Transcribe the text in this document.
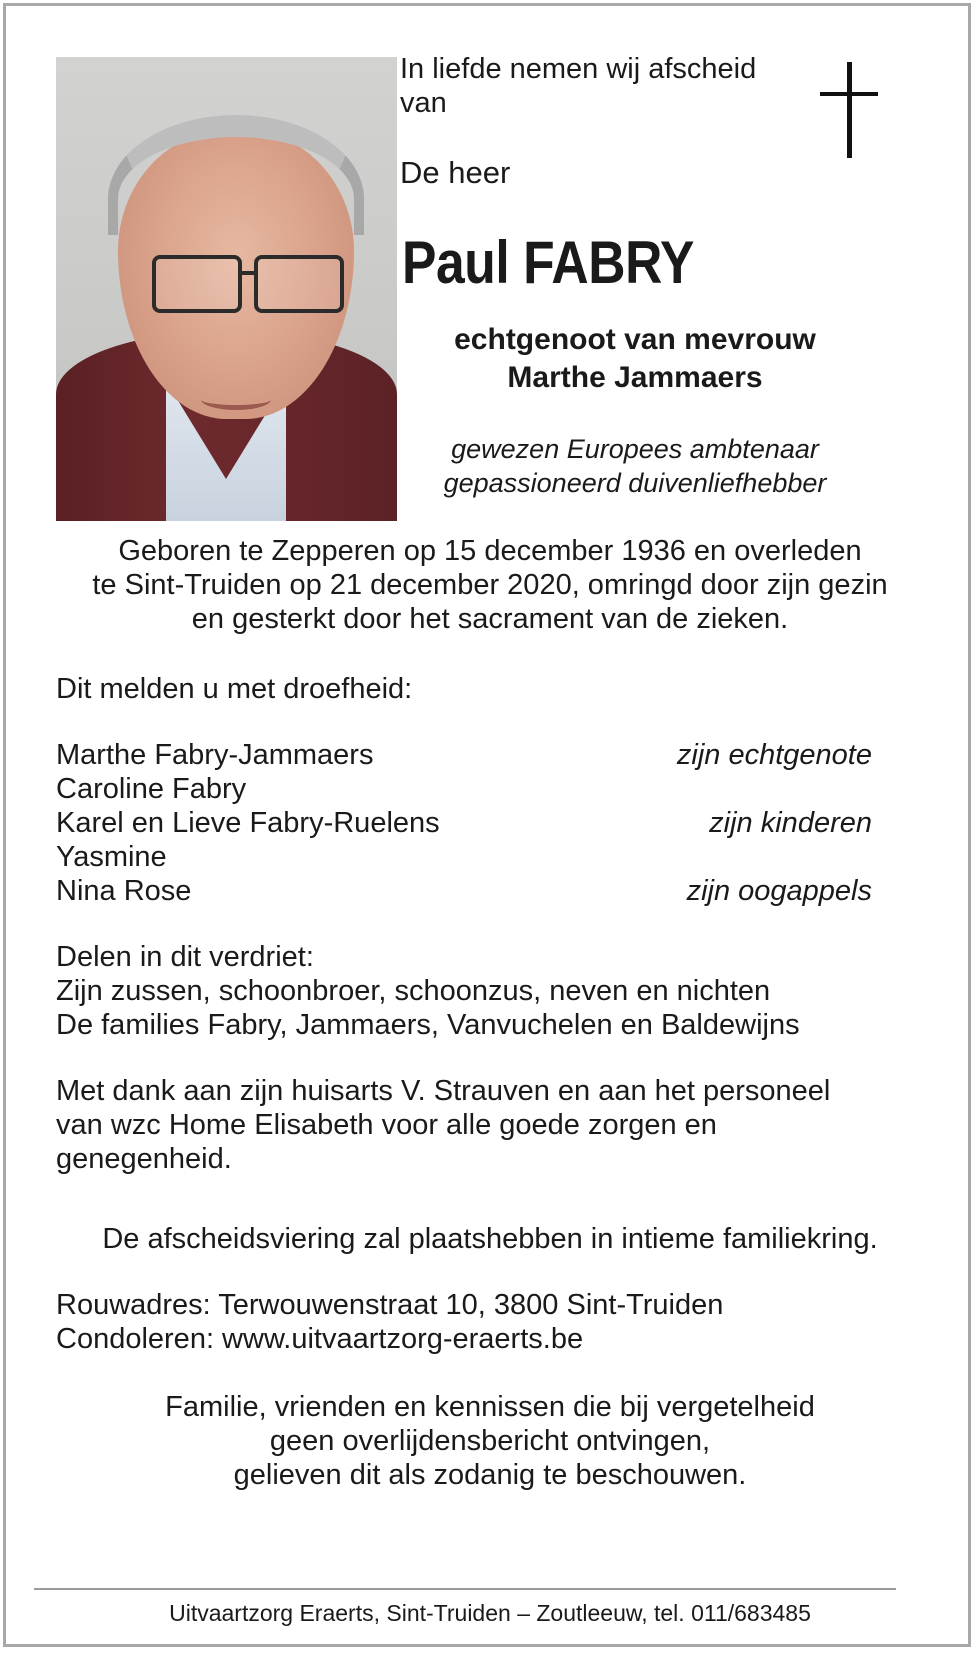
In liefde nemen wij afscheid
van
De heer
Paul FABRY
echtgenoot van mevrouw
Marthe Jammaers
gewezen Europees ambtenaar
gepassioneerd duivenliefhebber
Geboren te Zepperen op 15 december 1936 en overleden
te Sint-Truiden op 21 december 2020, omringd door zijn gezin
en gesterkt door het sacrament van de zieken.
Dit melden u met droefheid:
Marthe Fabry-Jammaers	zijn echtgenote
Caroline Fabry
Karel en Lieve Fabry-Ruelens	zijn kinderen
Yasmine
Nina Rose	zijn oogappels
Delen in dit verdriet:
Zijn zussen, schoonbroer, schoonzus, neven en nichten
De families Fabry, Jammaers, Vanvuchelen en Baldewijns
Met dank aan zijn huisarts V. Strauven en aan het personeel
van wzc Home Elisabeth voor alle goede zorgen en
genegenheid.
De afscheidsviering zal plaatshebben in intieme familiekring.
Rouwadres: Terwouwenstraat 10, 3800 Sint-Truiden
Condoleren: www.uitvaartzorg-eraerts.be
Familie, vrienden en kennissen die bij vergetelheid
geen overlijdensbericht ontvingen,
gelieven dit als zodanig te beschouwen.
Uitvaartzorg Eraerts, Sint-Truiden – Zoutleeuw, tel. 011/683485
